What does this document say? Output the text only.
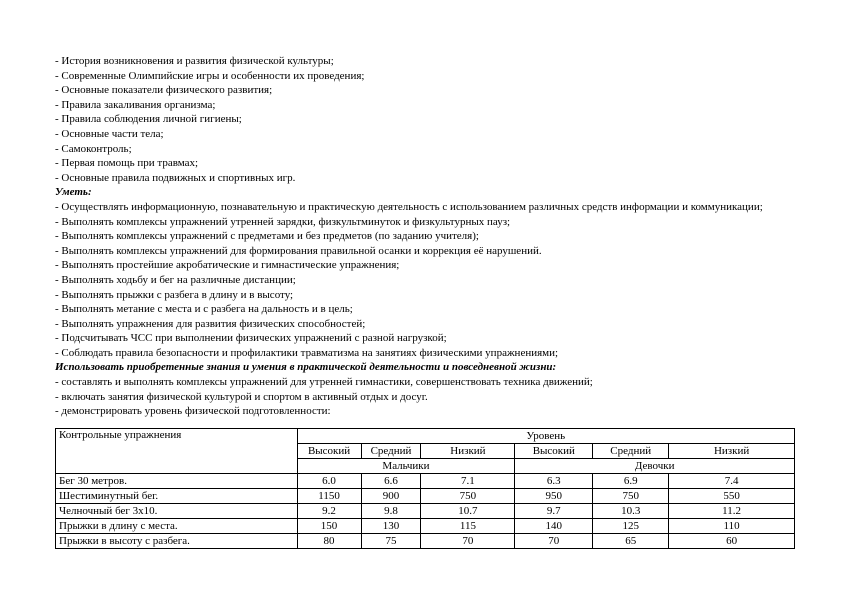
- История возникновения и развития физической культуры;
- Современные Олимпийские игры и особенности их проведения;
- Основные показатели физического развития;
- Правила закаливания организма;
- Правила соблюдения личной гигиены;
- Основные части тела;
- Самоконтроль;
- Первая помощь при травмах;
- Основные правила подвижных и спортивных игр.
Уметь:
- Осуществлять информационную, познавательную и практическую деятельность с использованием различных средств информации и коммуникации;
- Выполнять комплексы упражнений утренней зарядки, физкультминуток и физкультурных пауз;
- Выполнять комплексы упражнений с предметами и без предметов (по заданию учителя);
- Выполнять комплексы упражнений для формирования правильной осанки и коррекция её нарушений.
- Выполнять простейшие акробатические и гимнастические упражнения;
- Выполнять ходьбу и бег на различные дистанции;
- Выполнять прыжки с разбега в длину и в высоту;
- Выполнять метание с места и с разбега на дальность и в цель;
- Выполнять упражнения для развития физических способностей;
- Подсчитывать ЧСС при выполнении физических упражнений с разной нагрузкой;
- Соблюдать правила безопасности и профилактики травматизма на занятиях физическими упражнениями;
Использовать приобретенные знания и умения в практической деятельности и повседневной жизни:
- составлять и выполнять комплексы упражнений для утренней гимнастики, совершенствовать техника движений;
- включать занятия физической культурой и спортом в активный отдых и досуг.
- демонстрировать уровень физической подготовленности:
Контрольные упражнения	Уровень					
	Высокий	Средний	Низкий	Высокий	Средний	Низкий
	Мальчики			Девочки		
Бег 30 метров.	6.0	6.6	7.1	6.3	6.9	7.4
Шестиминутный бег.	1150	900	750	950	750	550
Челночный бег 3х10.	9.2	9.8	10.7	9.7	10.3	11.2
Прыжки в длину с места.	150	130	115	140	125	110
Прыжки в высоту с разбега.	80	75	70	70	65	60
